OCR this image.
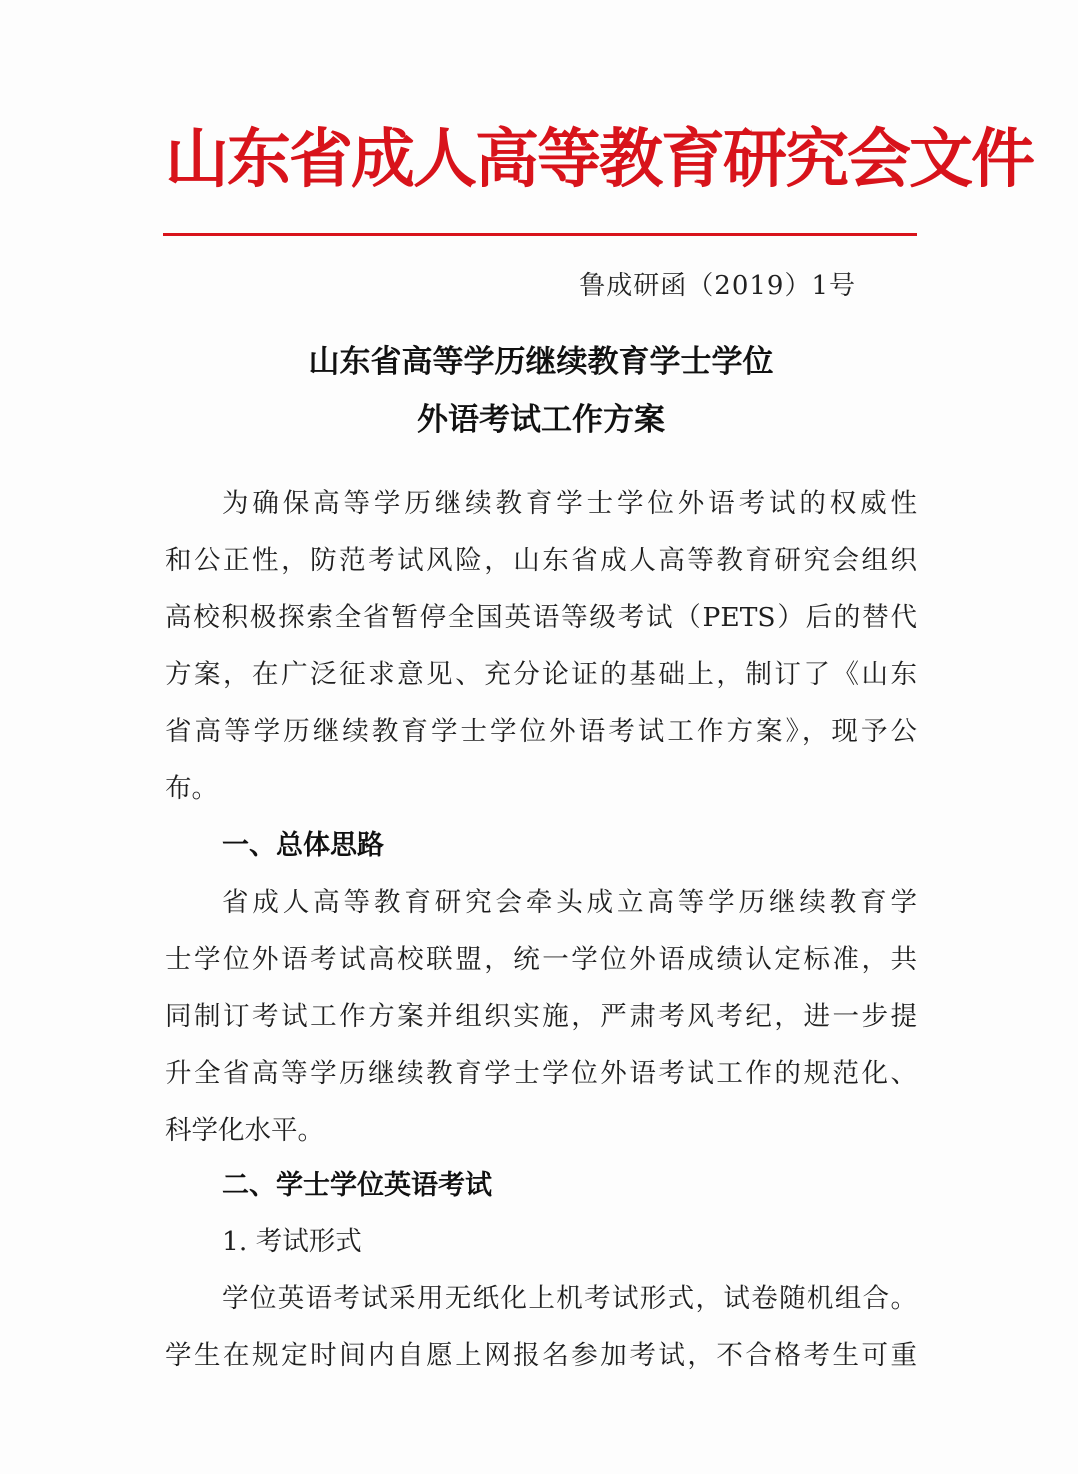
山东省成人高等教育研究会文件
鲁成研函（2019）1号
山东省高等学历继续教育学士学位
外语考试工作方案
为确保高等学历继续教育学士学位外语考试的权威性
和公正性，防范考试风险，山东省成人高等教育研究会组织
高校积极探索全省暂停全国英语等级考试（PETS）后的替代
方案，在广泛征求意见、充分论证的基础上，制订了《山东
省高等学历继续教育学士学位外语考试工作方案》，现予公
布。
一、总体思路
省成人高等教育研究会牵头成立高等学历继续教育学
士学位外语考试高校联盟，统一学位外语成绩认定标准，共
同制订考试工作方案并组织实施，严肃考风考纪，进一步提
升全省高等学历继续教育学士学位外语考试工作的规范化、
科学化水平。
二、学士学位英语考试
1. 考试形式
学位英语考试采用无纸化上机考试形式，试卷随机组合。
学生在规定时间内自愿上网报名参加考试，不合格考生可重
